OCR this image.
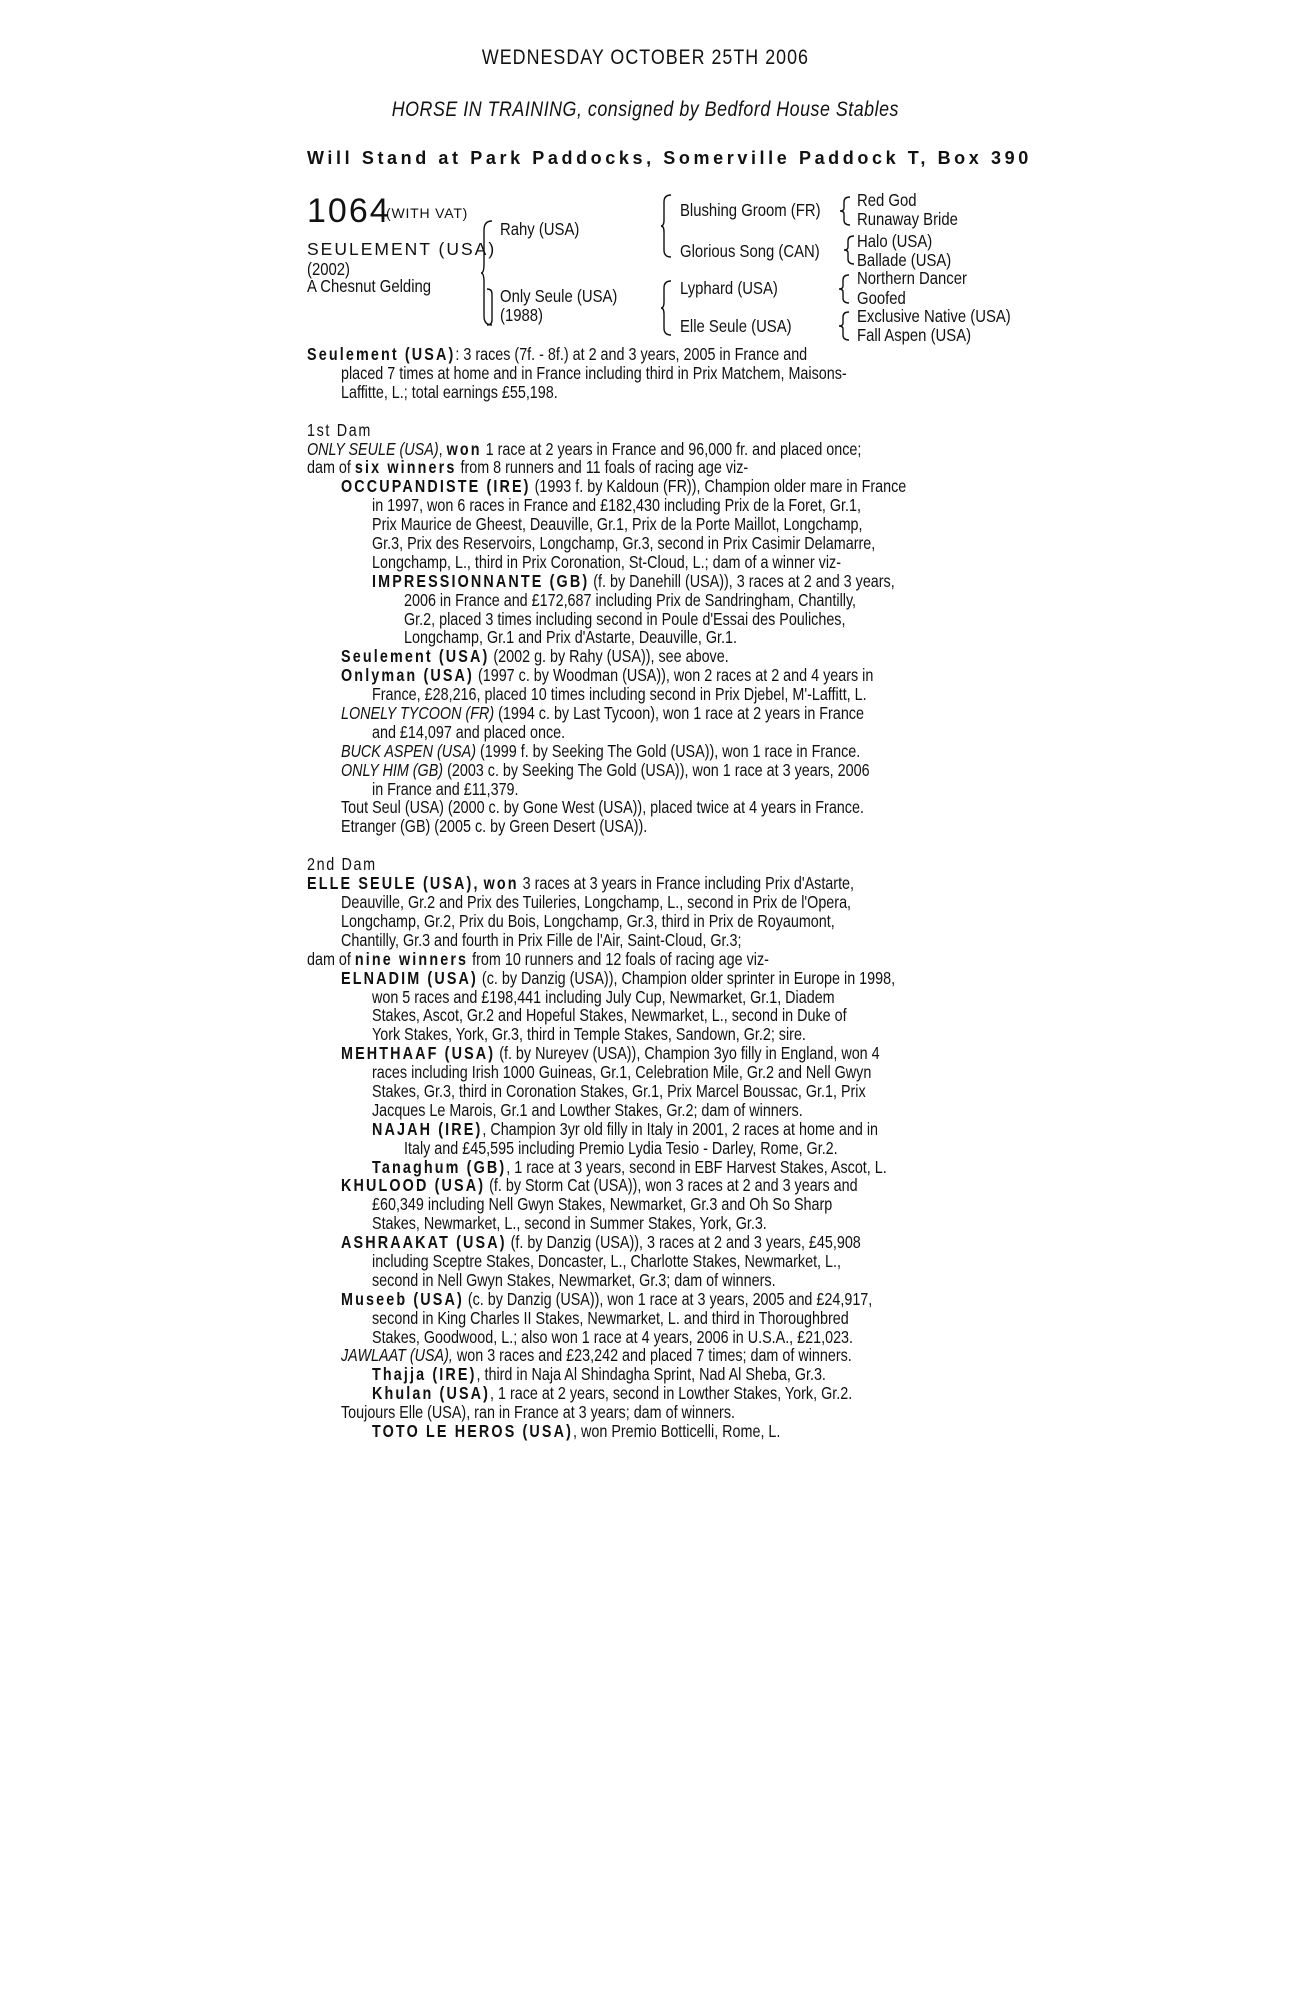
WEDNESDAY OCTOBER 25TH 2006
HORSE IN TRAINING, consigned by Bedford House Stables
Will Stand at Park Paddocks, Somerville Paddock T, Box 390
1064
(WITH VAT)
SEULEMENT (USA)
(2002)
A Chesnut Gelding
Rahy (USA)
Only Seule (USA)
(1988)
Blushing Groom (FR)
Glorious Song (CAN)
Lyphard (USA)
Elle Seule (USA)
Red God
Runaway Bride
Halo (USA)
Ballade (USA)
Northern Dancer
Goofed
Exclusive Native (USA)
Fall Aspen (USA)
Seulement (USA): 3 races (7f. - 8f.) at 2 and 3 years, 2005 in France and
placed 7 times at home and in France including third in Prix Matchem, Maisons-
Laffitte, L.; total earnings £55,198.
1st Dam
ONLY SEULE (USA), won 1 race at 2 years in France and 96,000 fr. and placed once;
dam of six winners from 8 runners and 11 foals of racing age viz-
OCCUPANDISTE (IRE) (1993 f. by Kaldoun (FR)), Champion older mare in France
in 1997, won 6 races in France and £182,430 including Prix de la Foret, Gr.1,
Prix Maurice de Gheest, Deauville, Gr.1, Prix de la Porte Maillot, Longchamp,
Gr.3, Prix des Reservoirs, Longchamp, Gr.3, second in Prix Casimir Delamarre,
Longchamp, L., third in Prix Coronation, St-Cloud, L.; dam of a winner viz-
IMPRESSIONNANTE (GB) (f. by Danehill (USA)), 3 races at 2 and 3 years,
2006 in France and £172,687 including Prix de Sandringham, Chantilly,
Gr.2, placed 3 times including second in Poule d'Essai des Pouliches,
Longchamp, Gr.1 and Prix d'Astarte, Deauville, Gr.1.
Seulement (USA) (2002 g. by Rahy (USA)), see above.
Onlyman (USA) (1997 c. by Woodman (USA)), won 2 races at 2 and 4 years in
France, £28,216, placed 10 times including second in Prix Djebel, M'-Laffitt, L.
LONELY TYCOON (FR) (1994 c. by Last Tycoon), won 1 race at 2 years in France
and £14,097 and placed once.
BUCK ASPEN (USA) (1999 f. by Seeking The Gold (USA)), won 1 race in France.
ONLY HIM (GB) (2003 c. by Seeking The Gold (USA)), won 1 race at 3 years, 2006
in France and £11,379.
Tout Seul (USA) (2000 c. by Gone West (USA)), placed twice at 4 years in France.
Etranger (GB) (2005 c. by Green Desert (USA)).
2nd Dam
ELLE SEULE (USA), won 3 races at 3 years in France including Prix d'Astarte,
Deauville, Gr.2 and Prix des Tuileries, Longchamp, L., second in Prix de l'Opera,
Longchamp, Gr.2, Prix du Bois, Longchamp, Gr.3, third in Prix de Royaumont,
Chantilly, Gr.3 and fourth in Prix Fille de l'Air, Saint-Cloud, Gr.3;
dam of nine winners from 10 runners and 12 foals of racing age viz-
ELNADIM (USA) (c. by Danzig (USA)), Champion older sprinter in Europe in 1998,
won 5 races and £198,441 including July Cup, Newmarket, Gr.1, Diadem
Stakes, Ascot, Gr.2 and Hopeful Stakes, Newmarket, L., second in Duke of
York Stakes, York, Gr.3, third in Temple Stakes, Sandown, Gr.2; sire.
MEHTHAAF (USA) (f. by Nureyev (USA)), Champion 3yo filly in England, won 4
races including Irish 1000 Guineas, Gr.1, Celebration Mile, Gr.2 and Nell Gwyn
Stakes, Gr.3, third in Coronation Stakes, Gr.1, Prix Marcel Boussac, Gr.1, Prix
Jacques Le Marois, Gr.1 and Lowther Stakes, Gr.2; dam of winners.
NAJAH (IRE), Champion 3yr old filly in Italy in 2001, 2 races at home and in
Italy and £45,595 including Premio Lydia Tesio - Darley, Rome, Gr.2.
Tanaghum (GB), 1 race at 3 years, second in EBF Harvest Stakes, Ascot, L.
KHULOOD (USA) (f. by Storm Cat (USA)), won 3 races at 2 and 3 years and
£60,349 including Nell Gwyn Stakes, Newmarket, Gr.3 and Oh So Sharp
Stakes, Newmarket, L., second in Summer Stakes, York, Gr.3.
ASHRAAKAT (USA) (f. by Danzig (USA)), 3 races at 2 and 3 years, £45,908
including Sceptre Stakes, Doncaster, L., Charlotte Stakes, Newmarket, L.,
second in Nell Gwyn Stakes, Newmarket, Gr.3; dam of winners.
Museeb (USA) (c. by Danzig (USA)), won 1 race at 3 years, 2005 and £24,917,
second in King Charles II Stakes, Newmarket, L. and third in Thoroughbred
Stakes, Goodwood, L.; also won 1 race at 4 years, 2006 in U.S.A., £21,023.
JAWLAAT (USA), won 3 races and £23,242 and placed 7 times; dam of winners.
Thajja (IRE), third in Naja Al Shindagha Sprint, Nad Al Sheba, Gr.3.
Khulan (USA), 1 race at 2 years, second in Lowther Stakes, York, Gr.2.
Toujours Elle (USA), ran in France at 3 years; dam of winners.
TOTO LE HEROS (USA), won Premio Botticelli, Rome, L.
